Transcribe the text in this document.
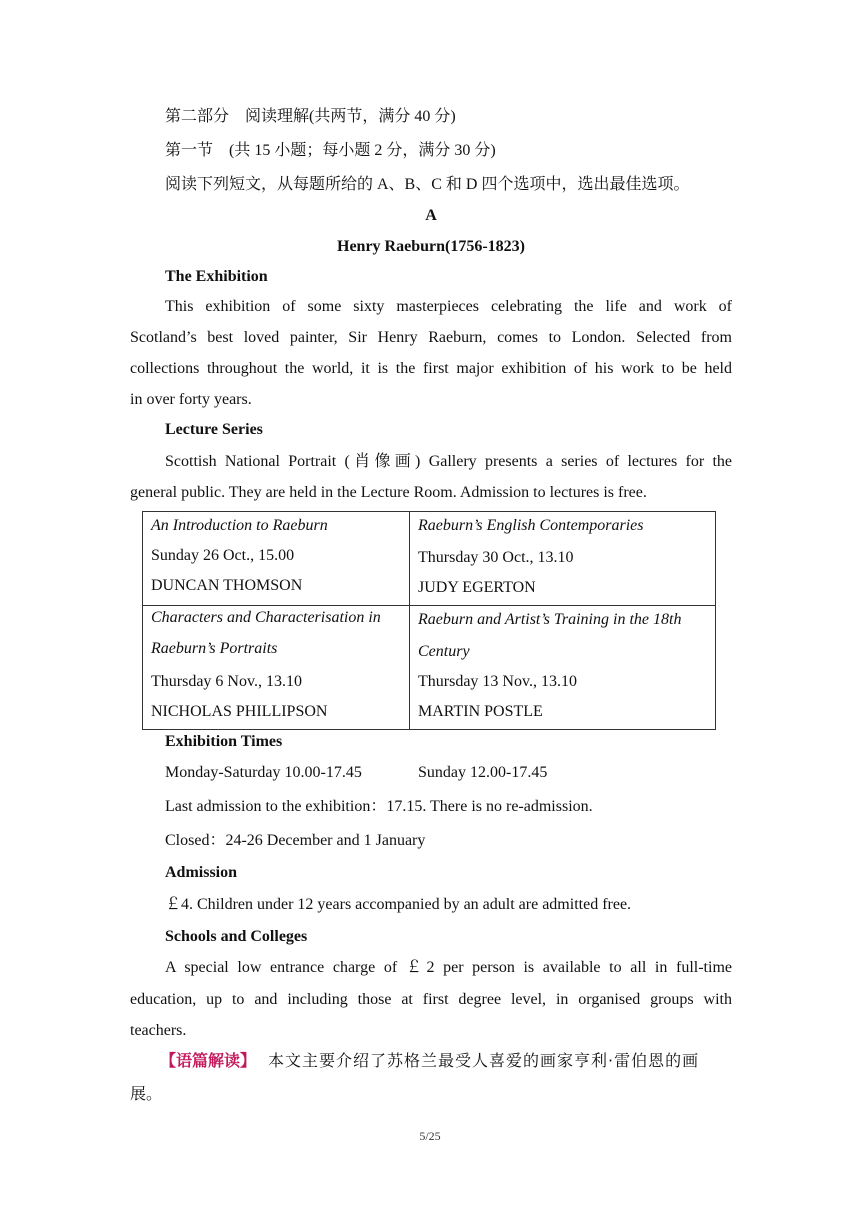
第二部分　阅读理解(共两节，满分 40 分)
第一节　(共 15 小题；每小题 2 分，满分 30 分)
阅读下列短文，从每题所给的 A、B、C 和 D 四个选项中，选出最佳选项。
A
Henry Raeburn(1756-1823)
The Exhibition
This exhibition of some sixty masterpieces celebrating the life and work of
Scotland’s best loved painter, Sir Henry Raeburn, comes to London. Selected from
collections throughout the world, it is the first major exhibition of his work to be held
in over forty years.
Lecture Series
Scottish National Portrait (肖像画) Gallery presents a series of lectures for the
general public. They are held in the Lecture Room. Admission to lectures is free.
An Introduction to Raeburn
Sunday 26 Oct., 15.00
DUNCAN THOMSON
Raeburn’s English Contemporaries
Thursday 30 Oct., 13.10
JUDY EGERTON
Characters and Characterisation in
Raeburn’s Portraits
Thursday 6 Nov., 13.10
NICHOLAS PHILLIPSON
Raeburn and Artist’s Training in the 18th
Century
Thursday 13 Nov., 13.10
MARTIN POSTLE
Exhibition Times
Monday-Saturday 10.00-17.45	Sunday 12.00-17.45
Last admission to the exhibition：17.15. There is no re-admission.
Closed：24-26 December and 1 January
Admission
￡4. Children under 12 years accompanied by an adult are admitted free.
Schools and Colleges
A special low entrance charge of ￡2 per person is available to all in full-time
education, up to and including those at first degree level, in organised groups with
teachers.
【语篇解读】 本文主要介绍了苏格兰最受人喜爱的画家亨利·雷伯恩的画
展。
5/25
